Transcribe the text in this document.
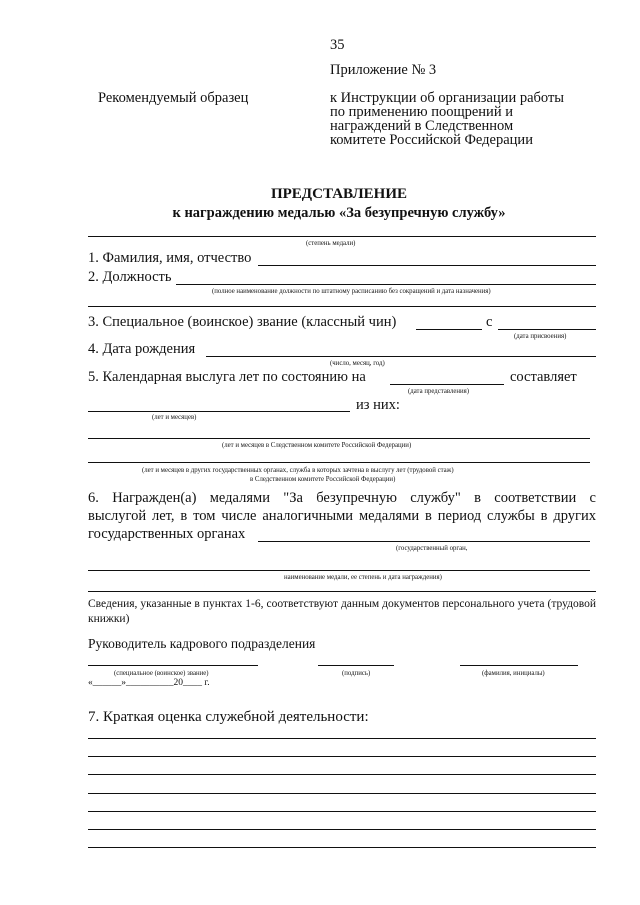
35
Приложение № 3
Рекомендуемый образец	к Инструкции об организации работы
по применению поощрений и
награждений в Следственном
комитете Российской Федерации
ПРЕДСТАВЛЕНИЕ
к награждению медалью «За безупречную службу»
(степень медали)
1. Фамилия, имя, отчество
2. Должность
(полное наименование должности по штатному расписанию без сокращений и дата назначения)
3. Специальное (воинское) звание (классный чин)	с
(дата присвоения)
4. Дата рождения
(число, месяц, год)
5. Календарная выслуга лет по состоянию на	составляет
(дата представления)
из них:
(лет и месяцев)
(лет и месяцев в Следственном комитете Российской Федерации)
(лет и месяцев в других государственных органах, служба в которых зачтена в выслугу лет (трудовой стаж)
в Следственном комитете Российской Федерации)
6. Награжден(а) медалями "За безупречную службу" в соответствии с
выслугой лет, в том числе аналогичными медалями в период службы в других
государственных органах
(государственный орган,
наименование медали, ее степень и дата награждения)
Сведения, указанные в пунктах 1-6, соответствуют данным документов персонального учета (трудовой
книжки)
Руководитель кадрового подразделения
(специальное (воинское) звание)	(подпись)	(фамилия, инициалы)
«______»__________20____ г.
7. Краткая оценка служебной деятельности:
